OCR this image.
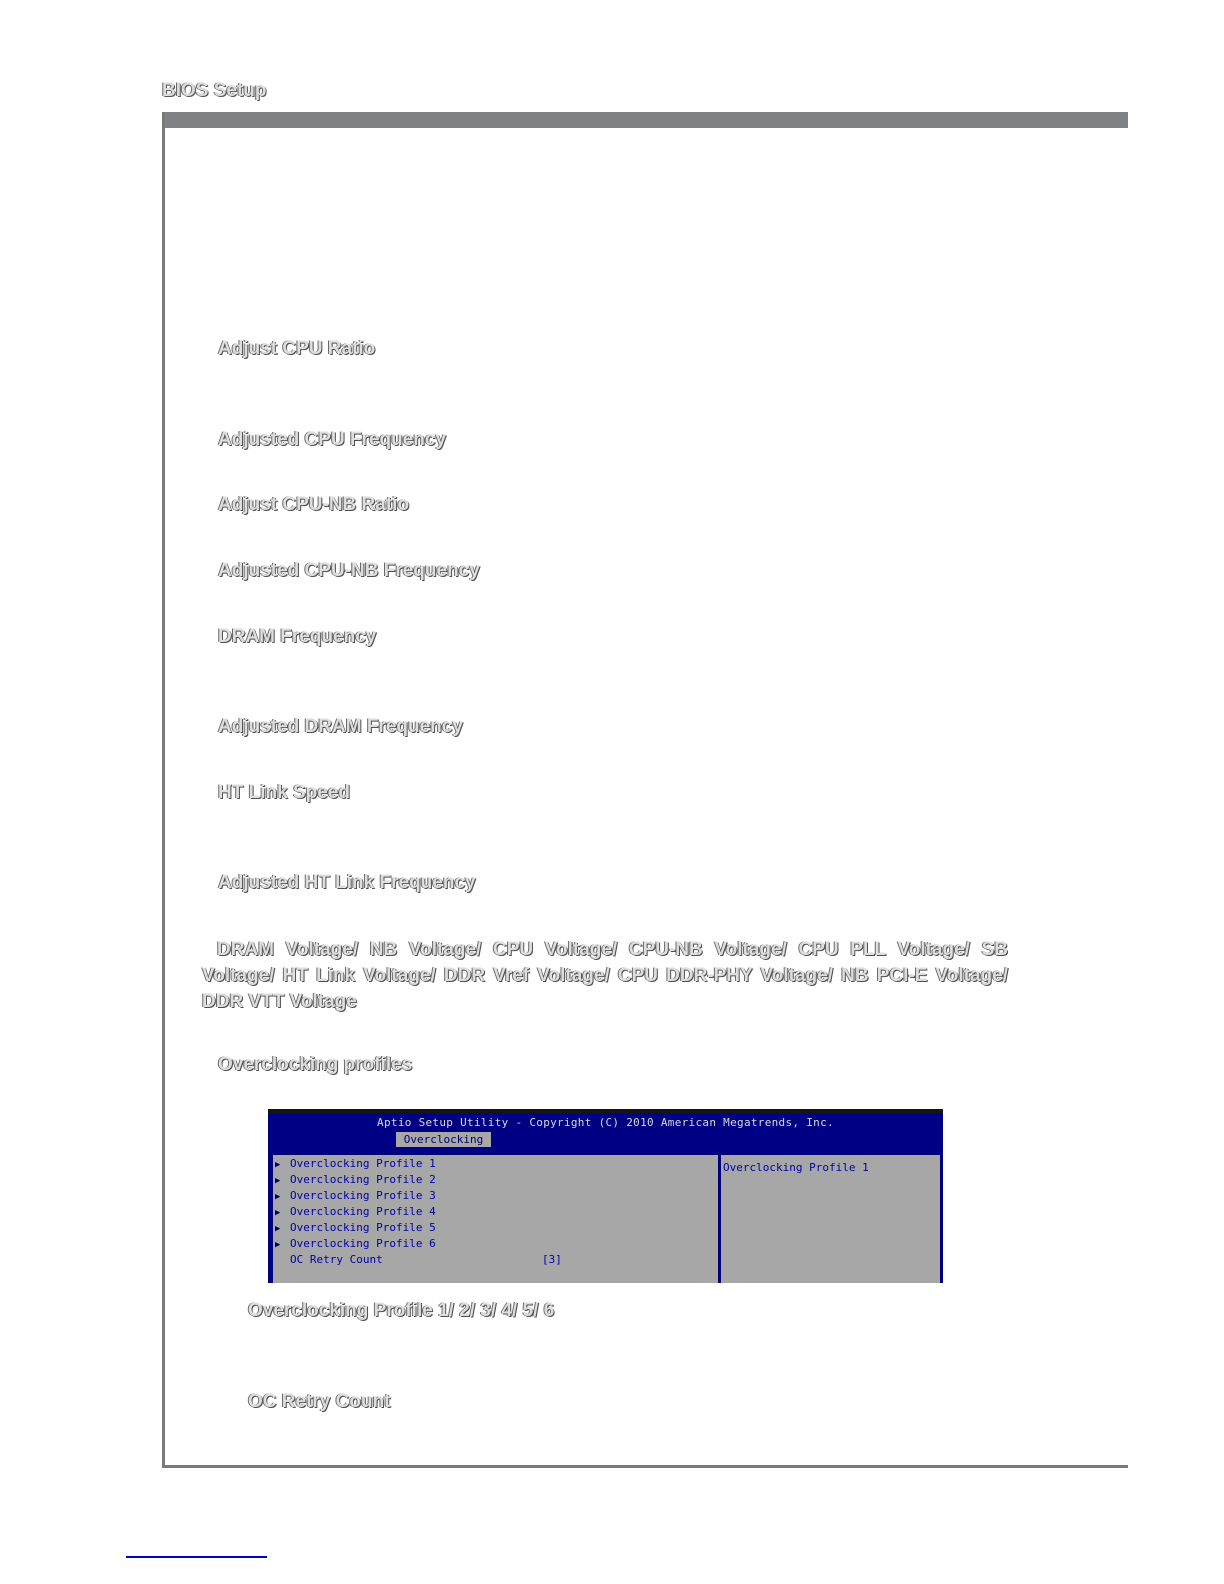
BIOS Setup
Adjust CPU Ratio
Adjusted CPU Frequency
Adjust CPU-NB Ratio
Adjusted CPU-NB Frequency
DRAM Frequency
Adjusted DRAM Frequency
HT Link Speed
Adjusted HT Link Frequency
DRAM Voltage/ NB Voltage/ CPU Voltage/ CPU-NB Voltage/ CPU PLL Voltage/ SB Voltage/ HT Link Voltage/ DDR Vref Voltage/ CPU DDR-PHY Voltage/ NB PCI-E Voltage/ DDR VTT Voltage
Overclocking profiles
Aptio Setup Utility - Copyright (C) 2010 American Megatrends, Inc.
Overclocking
▶ Overclocking Profile 1
▶ Overclocking Profile 2
▶ Overclocking Profile 3
▶ Overclocking Profile 4
▶ Overclocking Profile 5
▶ Overclocking Profile 6
OC Retry Count	[3]
Overclocking Profile 1
Overclocking Profile 1/ 2/ 3/ 4/ 5/ 6
OC Retry Count
